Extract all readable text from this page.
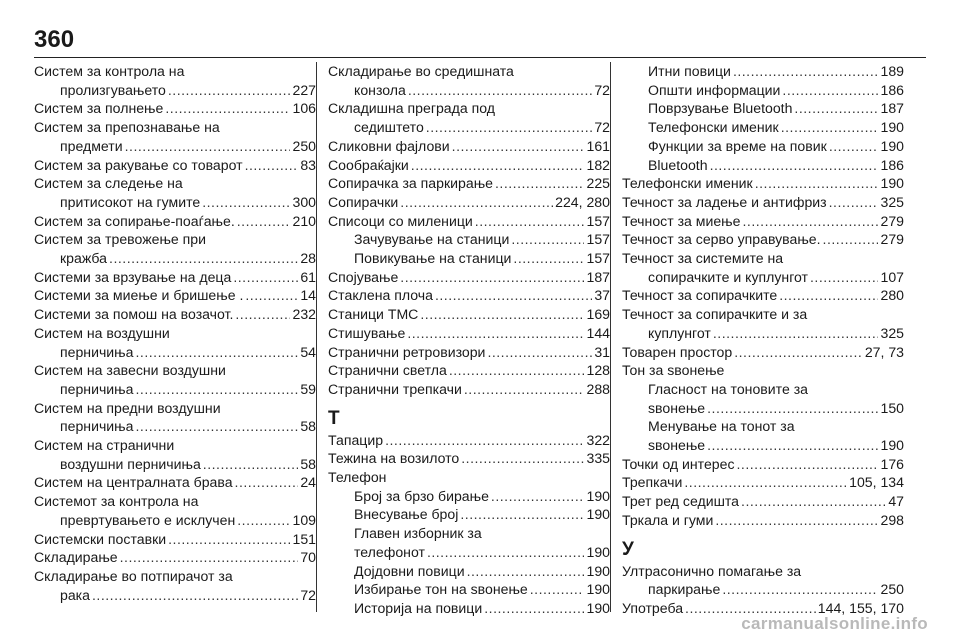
360
Систем за контрола на
пролизгувањето .....	227
Систем за полнење .....	106
Систем за препознавање на
предмети .....	250
Систем за ракување со товарот .....	83
Систем за следење на
притисокот на гумите .....	300
Систем за сопирање-поаѓање. .....	210
Систем за тревожење при
кражба .....	28
Системи за врзување на деца .....	61
Системи за миење и бришење . .....	14
Системи за помош на возачот. .....	232
Систем на воздушни
перничиња .....	54
Систем на завесни воздушни
перничиња .....	59
Систем на предни воздушни
перничиња .....	58
Систем на странични
воздушни перничиња .....	58
Систем на централната брава .....	24
Системот за контрола на
превртувањето е исклучен .....	109
Системски поставки .....	151
Складирање .....	70
Складирање во потпирачот за
рака .....	72
Складирање во средишната
конзола .....	72
Складишна преграда под
седиштето .....	72
Сликовни фајлови .....	161
Сообраќајки .....	182
Сопирачка за паркирање .....	225
Сопирачки .....	224, 280
Списоци со миленици .....	157
Зачувување на станици .....	157
Повикување на станици .....	157
Спојување .....	187
Стаклена плоча .....	37
Станици TMC .....	169
Стишување .....	144
Странични ретровизори .....	31
Странични светла .....	128
Странични трепкачи .....	288
Т
Тапацир .....	322
Тежина на возилото .....	335
Телефон
Број за брзо бирање .....	190
Внесување број .....	190
Главен изборник за
телефонот .....	190
Дојдовни повици .....	190
Избирање тон на ѕвонење .....	190
Историја на повици .....	190
Итни повици .....	189
Општи информации .....	186
Поврзување Bluetooth .....	187
Телефонски именик .....	190
Функции за време на повик .....	190
Bluetooth .....	186
Телефонски именик .....	190
Течност за ладење и антифриз .....	325
Течност за миење .....	279
Течност за серво управување. .....	279
Течност за системите на
сопирачките и куплунгот .....	107
Течност за сопирачките .....	280
Течност за сопирачките и за
куплунгот .....	325
Товарен простор .....	27, 73
Тон за ѕвонење
Гласност на тоновите за
ѕвонење .....	150
Менување на тонот за
ѕвонење .....	190
Точки од интерес .....	176
Трепкачи .....	105, 134
Трет ред седишта .....	47
Тркала и гуми .....	298
У
Ултрасонично помагање за
паркирање .....	250
Употреба .....	144, 155, 170
carmanualsonline.info
